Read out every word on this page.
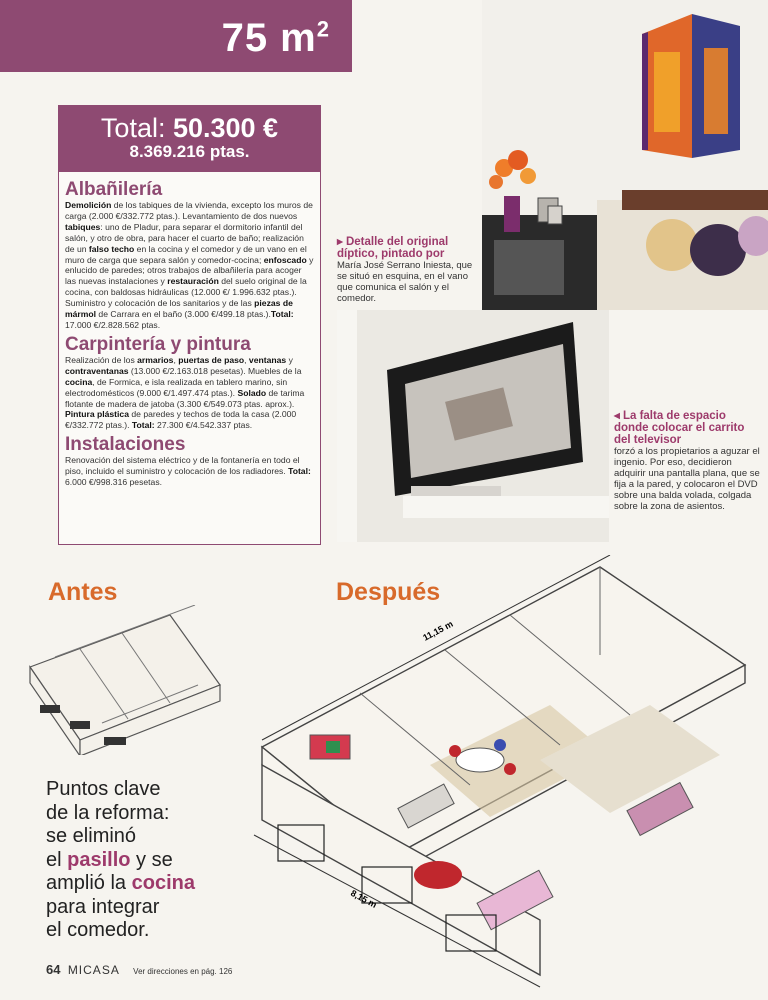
75 $m^2$
Total: 50.300 €
8.369.216 ptas.
Albañilería
Demolición de los tabiques de la vivienda, excepto los muros de carga (2.000 €/332.772 ptas.). Levantamiento de dos nuevos tabiques: uno de Pladur, para separar el dormitorio infantil del salón, y otro de obra, para hacer el cuarto de baño; realización de un falso techo en la cocina y el comedor y de un vano en el muro de carga que separa salón y comedor-cocina; enfoscado y enlucido de paredes; otros trabajos de albañilería para acoger las nuevas instalaciones y restauración del suelo original de la cocina, con baldosas hidráulicas (12.000 €/ 1.996.632 ptas.). Suministro y colocación de los sanitarios y de las piezas de mármol de Carrara en el baño (3.000 €/499.18 ptas.).Total: 17.000 €/2.828.562 ptas.
Carpintería y pintura
Realización de los armarios, puertas de paso, ventanas y contraventanas (13.000 €/2.163.018 pesetas). Muebles de la cocina, de Formica, e isla realizada en tablero marino, sin electrodomésticos (9.000 €/1.497.474 ptas.). Solado de tarima flotante de madera de jatoba (3.300 €/549.073 ptas. aprox.). Pintura plástica de paredes y techos de toda la casa (2.000 €/332.772 ptas.). Total: 27.300 €/4.542.337 ptas.
Instalaciones
Renovación del sistema eléctrico y de la fontanería en todo el piso, incluido el suministro y colocación de los radiadores. Total: 6.000 €/998.316 pesetas.
▸ Detalle del original díptico, pintado por
María José Serrano Iniesta, que se situó en esquina, en el vano que comunica el salón y el comedor.
◂ La falta de espacio donde colocar el carrito del televisor
forzó a los propietarios a aguzar el ingenio. Por eso, decidieron adquirir una pantalla plana, que se fija a la pared, y colocaron el DVD sobre una balda volada, colgada sobre la zona de asientos.
Antes	Después
11,15 m
8,15 m
Puntos clave
de la reforma:
se eliminó
el pasillo y se
amplió la cocina
para integrar
el comedor.
64 MICASA Ver direcciones en pág. 126
